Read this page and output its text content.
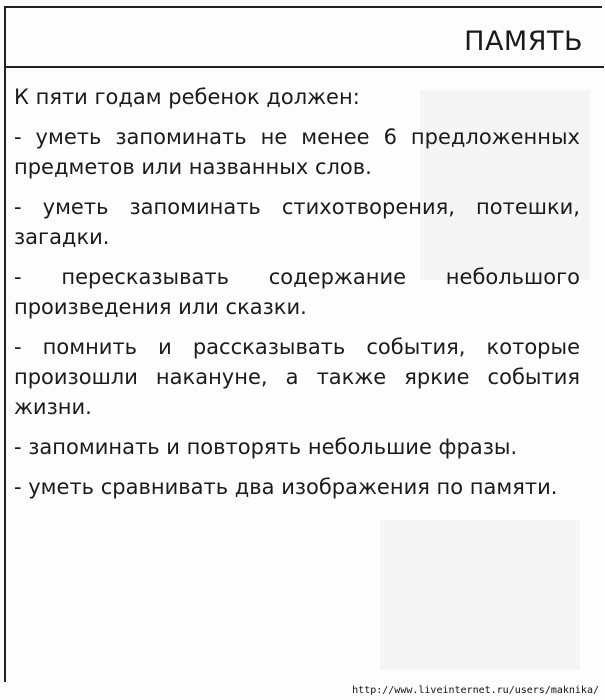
ПАМЯТЬ

К пяти годам ребенок должен:

- уметь запоминать не менее 6 предложенных предметов или названных слов.

- уметь запоминать стихотворения, потешки, загадки.

- пересказывать содержание небольшого произведения или сказки.

- помнить и рассказывать события, которые произошли накануне, а также яркие события жизни.

- запоминать и повторять небольшие фразы.

- уметь сравнивать два изображения по памяти.

http://www.liveinternet.ru/users/maknika/
